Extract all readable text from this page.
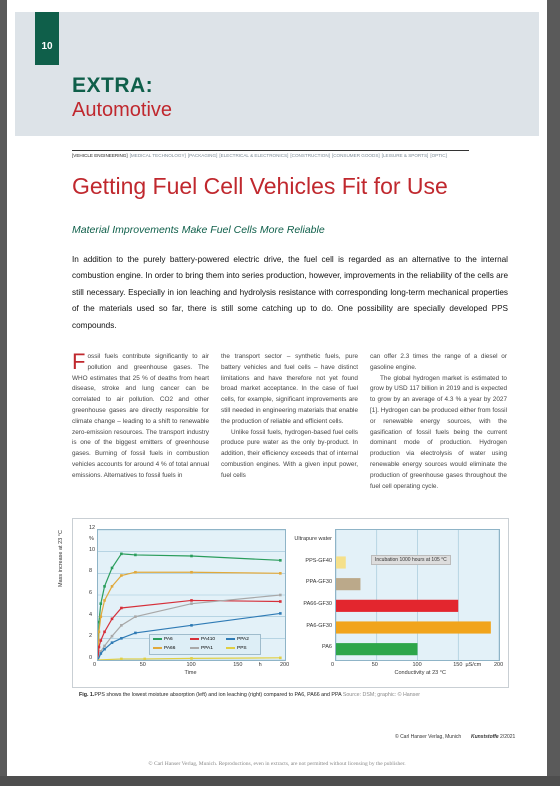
10
EXTRA:
Automotive
[VEHICLE ENGINEERING] [MEDICAL TECHNOLOGY] [PACKAGING] [ELECTRICAL & ELECTRONICS] [CONSTRUCTION] [CONSUMER GOODS] [LEISURE & SPORTS] [OPTIC]
Getting Fuel Cell Vehicles Fit for Use
Material Improvements Make Fuel Cells More Reliable
In addition to the purely battery-powered electric drive, the fuel cell is regarded as an alternative to the internal combustion engine. In order to bring them into series production, however, improvements in the reliability of the cells are still necessary. Especially in ion leaching and hydrolysis resistance with corresponding long-term mechanical properties of the materials used so far, there is still some catching up to do. One possibility are specially developed PPS compounds.
Fossil fuels contribute significantly to air pollution and greenhouse gases. The WHO estimates that 25 % of deaths from heart disease, stroke and lung cancer can be correlated to air pollution. CO2 and other greenhouse gases are directly responsible for climate change – leading to a shift to renewable zero-emission resources. The transport industry is one of the biggest emitters of greenhouse gases. Burning of fossil fuels in combustion vehicles accounts for around 4 % of total annual emissions. Alternatives to fossil fuels in
the transport sector – synthetic fuels, pure battery vehicles and fuel cells – have distinct limitations and have therefore not yet found broad market acceptance. In the case of fuel cells, for example, significant improvements are still needed in engineering materials that enable the production of reliable and efficient cells.
Unlike fossil fuels, hydrogen-based fuel cells produce pure water as the only by-product. In addition, their efficiency exceeds that of internal combustion engines. With a given input power, fuel cells
can offer 2.3 times the range of a diesel or gasoline engine.
The global hydrogen market is estimated to grow by USD 117 billion in 2019 and is expected to grow by an average of 4.3 % a year by 2027 [1]. Hydrogen can be produced either from fossil or renewable energy sources, with the gasification of fossil fuels being the current dominant mode of production. Hydrogen production via electrolysis of water using renewable energy sources would eliminate the production of greenhouse gases throughout the fuel cell operating cycle.
Mass increase at 23 °C
0
2
4
6
8
10
12
%
0	50	100	150	200
h
Time
PA6	PA410	PPA2
PA66	PPA1	PPS
Incubation 1000 hours at 105 °C
Ultrapure water
PPS-GF40
PPA-GF30
PA66-GF30
PA6-GF30
PA6
0	50	100	150	200
µS/cm
Conductivity at 23 °C
Fig. 1.PPS shows the lowest moisture absorption (left) and ion leaching (right) compared to PA6, PA66 and PPA Source: DSM; graphic: © Hanser
© Carl Hanser Verlag, Munich Kunststoffe 2/2021
© Carl Hanser Verlag, Munich. Reproductions, even in extracts, are not permitted without licensing by the publisher.
